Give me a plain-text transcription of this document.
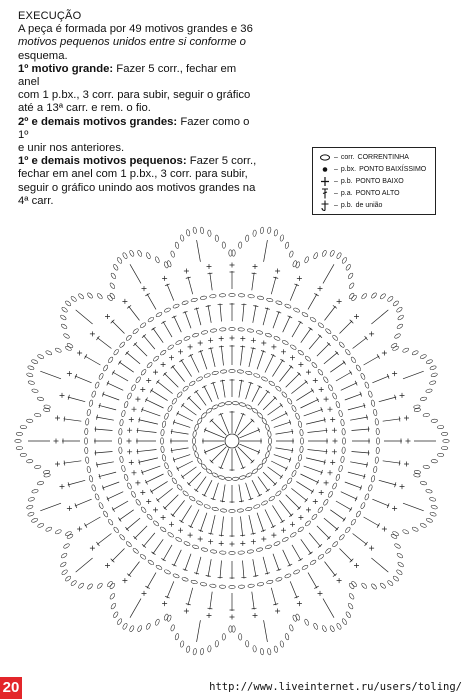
EXECUÇÃO

A peça é formada por 49 motivos grandes e 36

motivos pequenos unidos entre si conforme o

esquema.

1º motivo grande: Fazer 5 corr., fechar em anel

com 1 p.bx., 3 corr. para subir, seguir o gráfico

até a 13ª carr. e rem. o fio.

2º e demais motivos grandes: Fazer como o 1º

e unir nos anteriores.

1º e demais motivos pequenos: Fazer 5 corr.,

fechar em anel com 1 p.bx., 3 corr. para subir,

seguir o gráfico unindo aos motivos grandes na

4ª carr.

– corr. CORRENTINHA
– p.bx. PONTO BAIXÍSSIMO
– p.b. PONTO BAIXO
– p.a. PONTO ALTO
– p.b. de união
20	http://www.liveinternet.ru/users/toling/
